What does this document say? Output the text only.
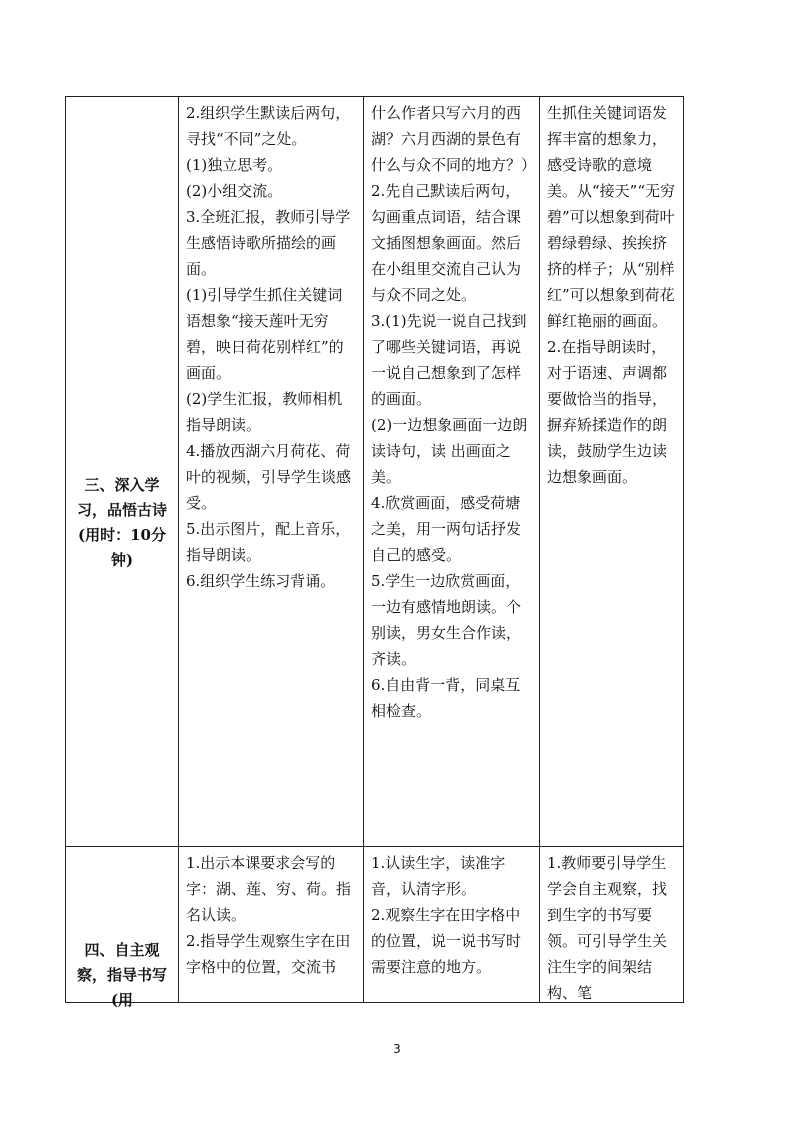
三、深入学习，品悟古诗(用时：10分钟)

2.组织学生默读后两句，寻找“不同”之处。

(1)独立思考。

(2)小组交流。

3.全班汇报，教师引导学生感悟诗歌所描绘的画面。

(1)引导学生抓住关键词语想象“接天莲叶无穷碧，映日荷花别样红”的画面。

(2)学生汇报，教师相机指导朗读。

4.播放西湖六月荷花、荷叶的视频，引导学生谈感受。

5.出示图片，配上音乐，指导朗读。

6.组织学生练习背诵。

什么作者只写六月的西湖？六月西湖的景色有什么与众不同的地方？）

2.先自己默读后两句，勾画重点词语，结合课文插图想象画面。然后在小组里交流自己认为与众不同之处。

3.(1)先说一说自己找到了哪些关键词语，再说一说自己想象到了怎样的画面。

(2)一边想象画面一边朗读诗句，读 出画面之美。

4.欣赏画面，感受荷塘之美，用一两句话抒发自己的感受。

5.学生一边欣赏画面，一边有感情地朗读。个别读，男女生合作读，齐读。

6.自由背一背，同桌互相检查。

生抓住关键词语发挥丰富的想象力，感受诗歌的意境美。从“接天”“无穷碧”可以想象到荷叶碧绿碧绿、挨挨挤挤的样子；从“别样红”可以想象到荷花鲜红艳丽的画面。

2.在指导朗读时，对于语速、声调都要做恰当的指导，摒弃矫揉造作的朗读，鼓励学生边读边想象画面。

四、自主观察，指导书写(用

1.出示本课要求会写的字：湖、莲、穷、荷。指名认读。

2.指导学生观察生字在田字格中的位置，交流书

1.认读生字，读准字音，认清字形。

2.观察生字在田字格中的位置，说一说书写时需要注意的地方。

1.教师要引导学生学会自主观察，找到生字的书写要领。可引导学生关注生字的间架结构、笔

3
